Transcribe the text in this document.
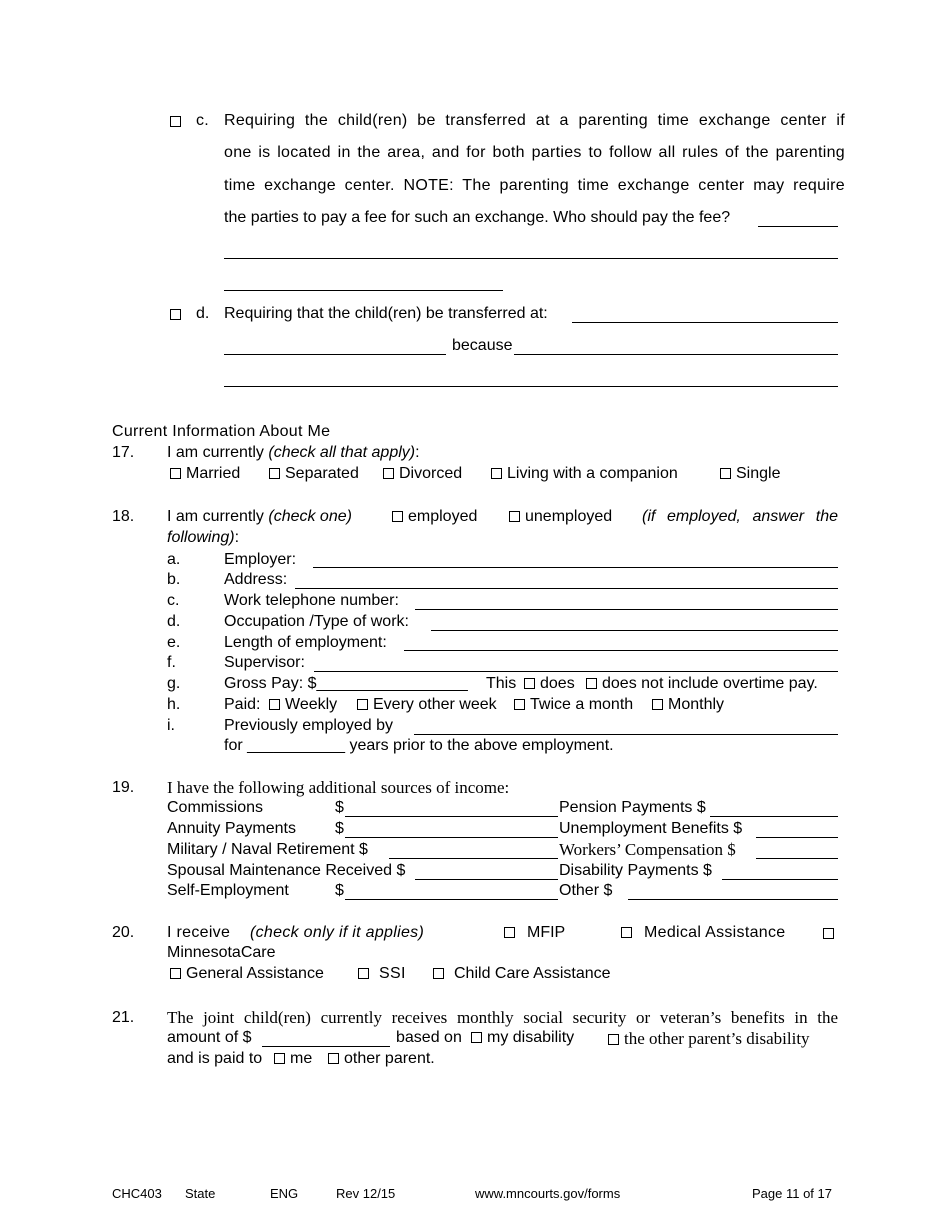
c. Requiring the child(ren) be transferred at a parenting time exchange center if
one is located in the area, and for both parties to follow all rules of the parenting
time exchange center. NOTE: The parenting time exchange center may require
the parties to pay a fee for such an exchange. Who should pay the fee?
d. Requiring that the child(ren) be transferred at:
because
Current Information About Me
17. I am currently (check all that apply):
Married	Separated	Divorced	Living with a companion	Single
18. I am currently (check one)	employed	unemployed (if employed, answer the
following):
a.	Employer:
b.	Address:
c.	Work telephone number:
d.	Occupation /Type of work:
e.	Length of employment:
f.	Supervisor:
g.	Gross Pay: $_________________ This	does	does not include overtime pay.
h.	Paid:	Weekly	Every other week	Twice a month	Monthly
i.	Previously employed by
for ___________ years prior to the above employment.
19. I have the following additional sources of income:
Commissions	$	Pension Payments $
Annuity Payments $	Unemployment Benefits $
Military / Naval Retirement $	Workers’ Compensation $
Spousal Maintenance Received $	Disability Payments $
Self-Employment	$	Other $
20. I receive (check only if it applies)	MFIP	Medical Assistance
MinnesotaCare
General Assistance	SSI	Child Care Assistance
21. The joint child(ren) currently receives monthly social security or veteran’s benefits in the
amount of $	based on	my disability	the other parent’s disability
and is paid to	me	other parent.
CHC403 State	ENG	Rev 12/15	www.mncourts.gov/forms	Page 11 of 17
